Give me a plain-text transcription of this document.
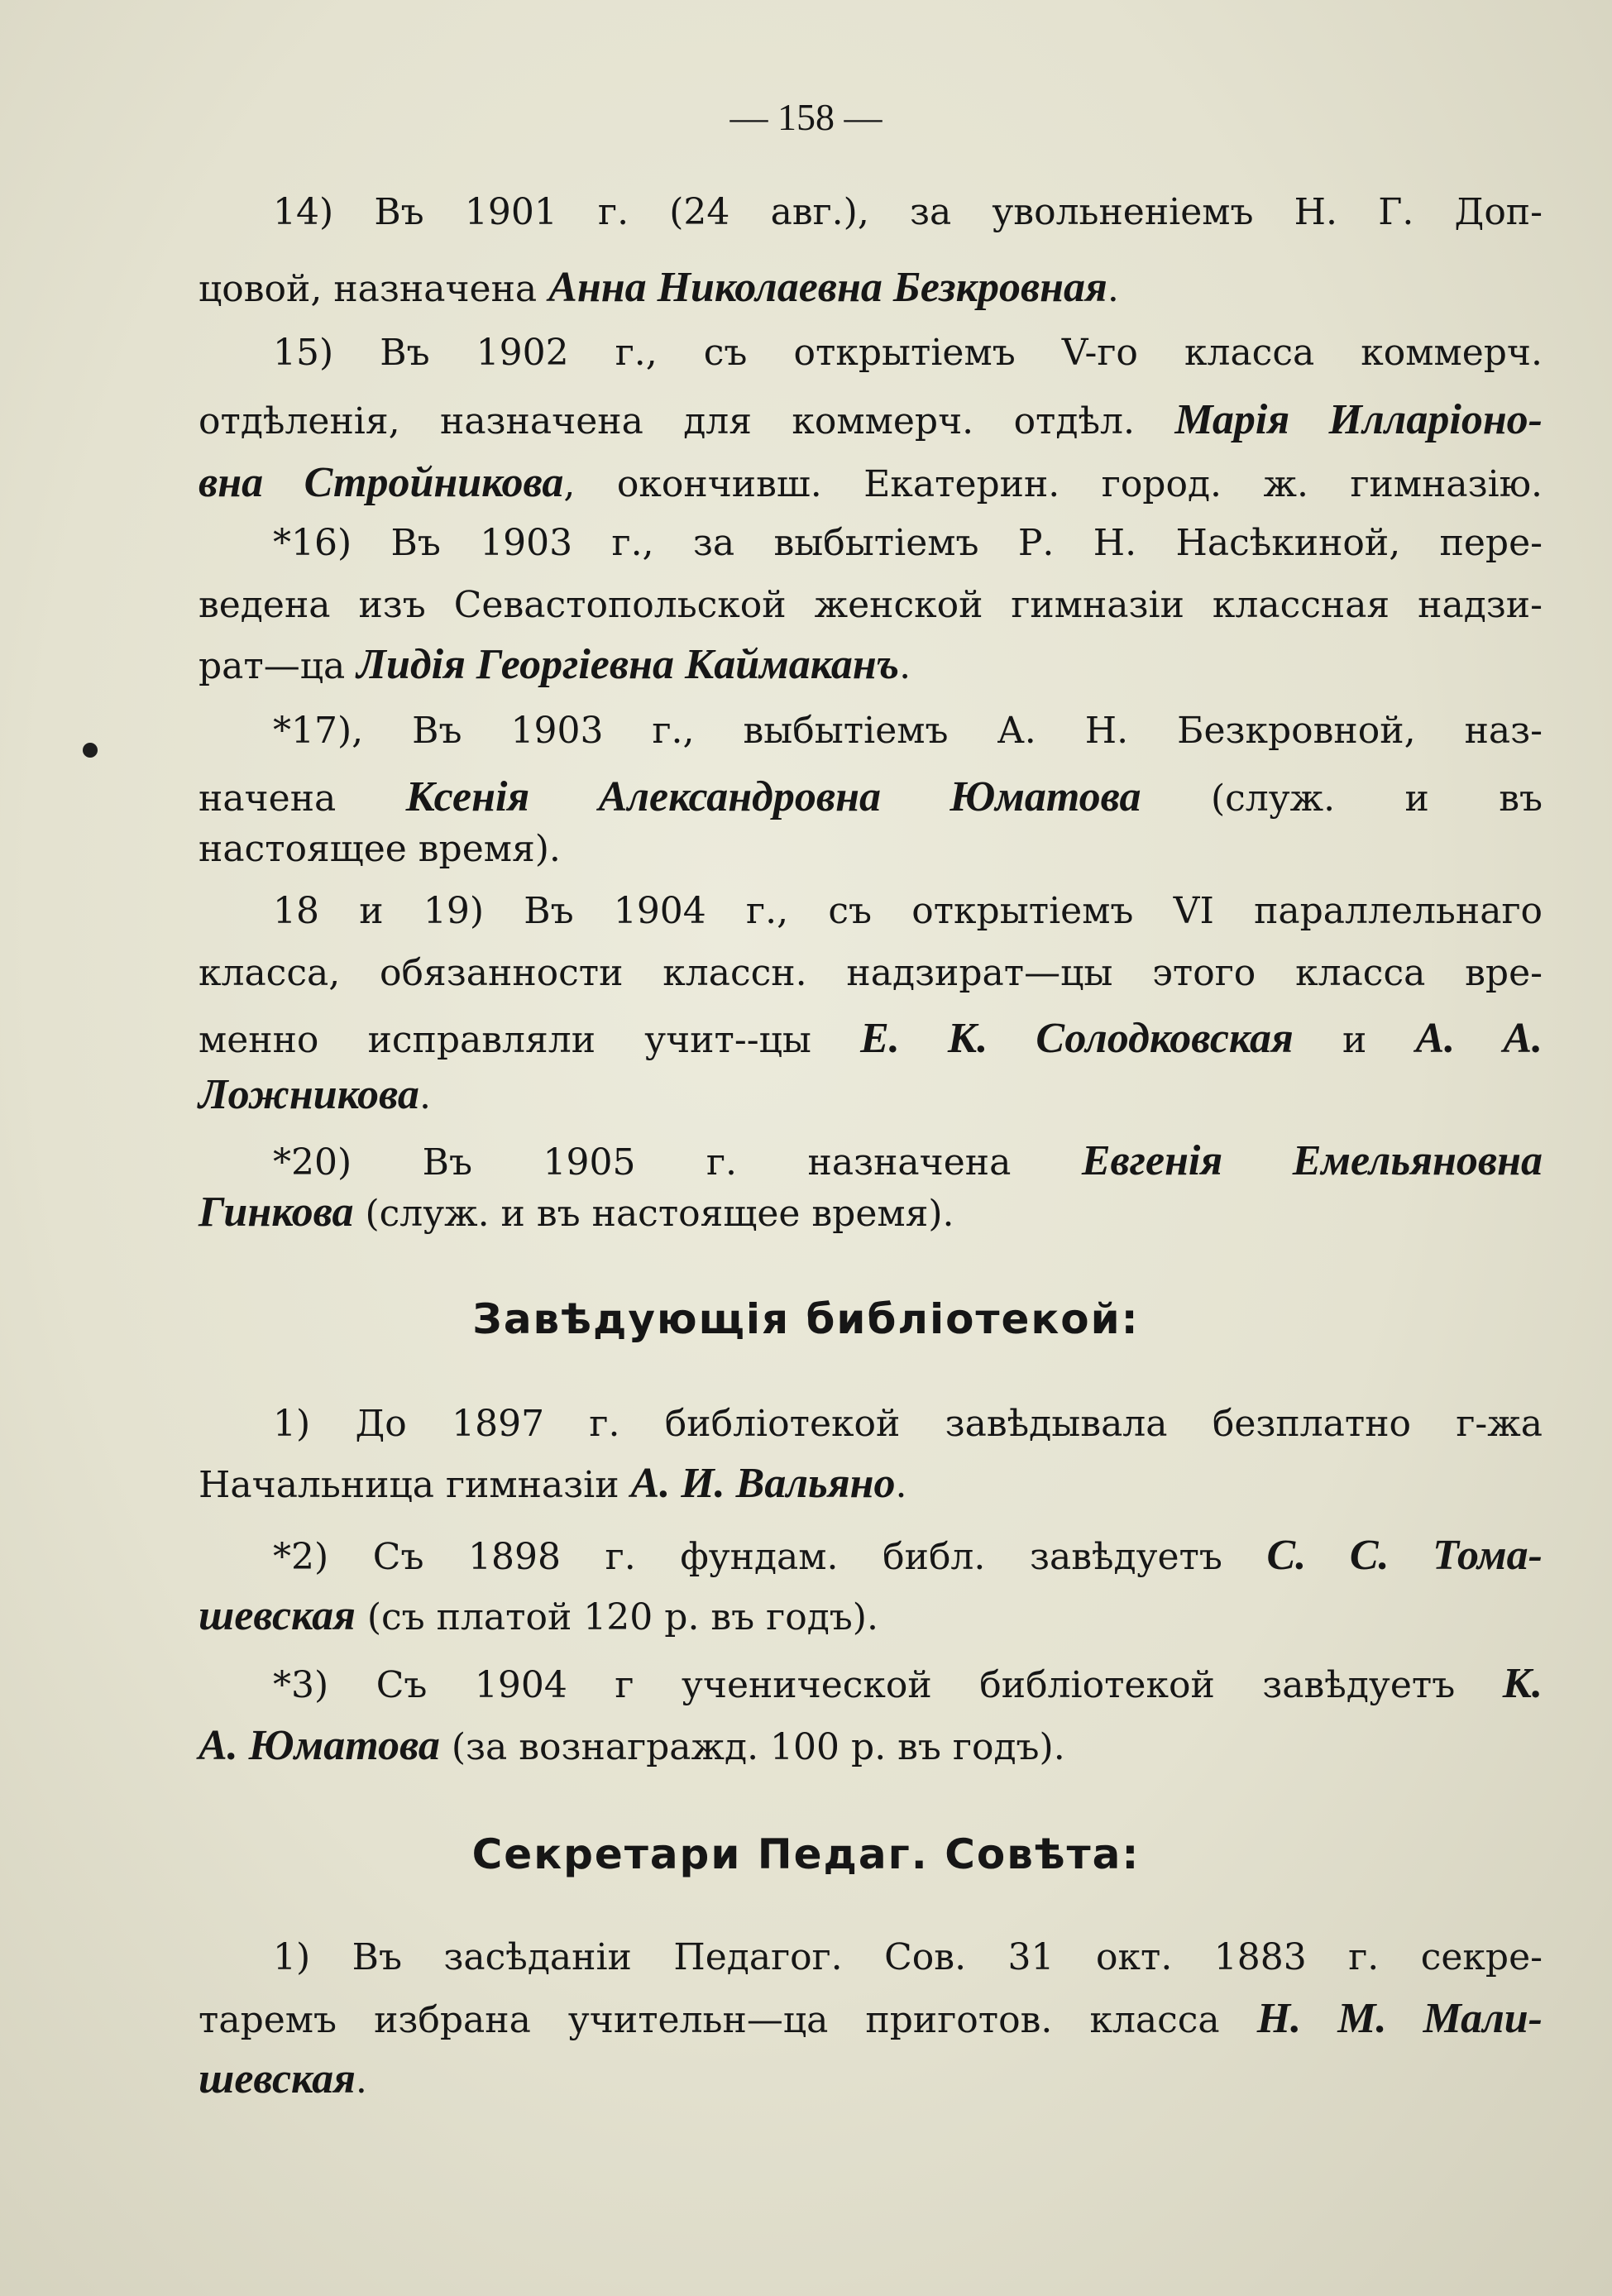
— 158 —

14) Въ 1901 г. (24 авг.), за увольненіемъ Н. Г. Доп-

цовой, назначена Анна Николаевна Безкровная.

15) Въ 1902 г., съ открытіемъ V-го класса коммерч.

отдѣленія, назначена для коммерч. отдѣл. Марія Илларіоно-

вна Стройникова, окончивш. Екатерин. город. ж. гимназію.

*16) Въ 1903 г., за выбытіемъ Р. Н. Насѣкиной, пере-

ведена изъ Севастопольской женской гимназіи классная надзи-

рат—ца Лидія Георгіевна Каймаканъ.

*17), Въ 1903 г., выбытіемъ А. Н. Безкровной, наз-

начена Ксенія Александровна Юматова (служ. и въ

настоящее время).

18 и 19) Въ 1904 г., съ открытіемъ VI параллельнаго

класса, обязанности классн. надзират—цы этого класса вре-

менно исправляли учит--цы Е. К. Солодковская и А. А.

Ложникова.

*20) Въ 1905 г. назначена Евгенія Емельяновна

Гинкова (служ. и въ настоящее время).

Завѣдующія библіотекой:

1) До 1897 г. библіотекой завѣдывала безплатно г-жа

Начальница гимназіи А. И. Вальяно.

*2) Съ 1898 г. фундам. библ. завѣдуетъ С. С. Тома-

шевская (съ платой 120 р. въ годъ).

*3) Съ 1904 г ученической библіотекой завѣдуетъ К.

А. Юматова (за вознагражд. 100 р. въ годъ).

Секретари Педаг. Совѣта:

1) Въ засѣданіи Педагог. Сов. 31 окт. 1883 г. секре-

таремъ избрана учительн—ца приготов. класса Н. М. Мали-

шевская.
